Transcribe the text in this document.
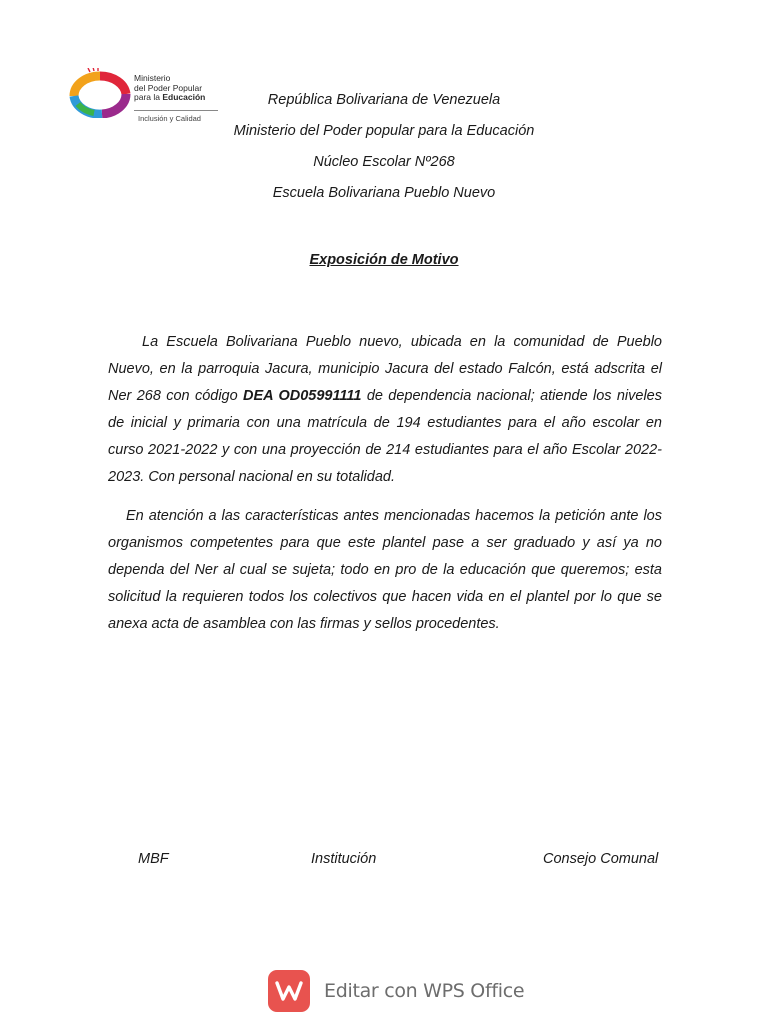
Ministerio
del Poder Popular
para la Educación
Inclusión y Calidad
República Bolivariana de Venezuela
Ministerio del Poder popular para la Educación
Núcleo Escolar Nº268
Escuela Bolivariana Pueblo Nuevo
Exposición de Motivo
La Escuela Bolivariana Pueblo nuevo, ubicada en la comunidad de Pueblo Nuevo, en la parroquia Jacura, municipio Jacura del estado Falcón, está adscrita el Ner 268 con código DEA OD05991111 de dependencia nacional; atiende los niveles de inicial y primaria con una matrícula de 194 estudiantes para el año escolar en curso 2021-2022 y con una proyección de 214 estudiantes para el año Escolar 2022-2023. Con personal nacional en su totalidad.
En atención a las características antes mencionadas hacemos la petición ante los organismos competentes para que este plantel pase a ser graduado y así ya no dependa del Ner al cual se sujeta; todo en pro de la educación que queremos; esta solicitud la requieren todos los colectivos que hacen vida en el plantel por lo que se anexa acta de asamblea con las firmas y sellos procedentes.
MBF	Institución	Consejo Comunal
Editar con WPS Office
